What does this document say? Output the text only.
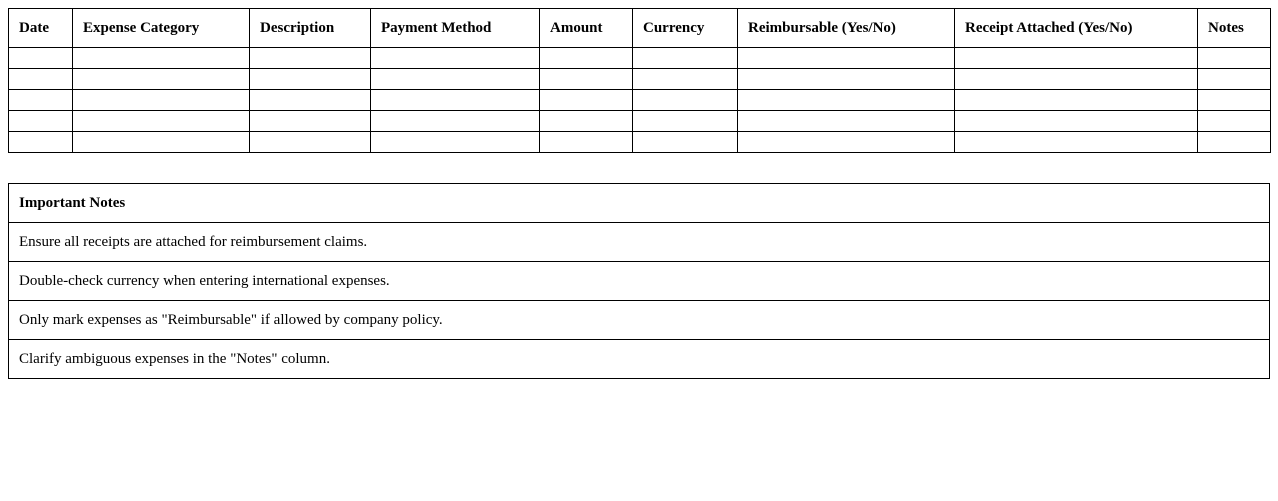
Date	Expense Category	Description	Payment Method	Amount	Currency	Reimbursable (Yes/No)	Receipt Attached (Yes/No)	Notes

Important Notes
Ensure all receipts are attached for reimbursement claims.
Double-check currency when entering international expenses.
Only mark expenses as "Reimbursable" if allowed by company policy.
Clarify ambiguous expenses in the "Notes" column.
